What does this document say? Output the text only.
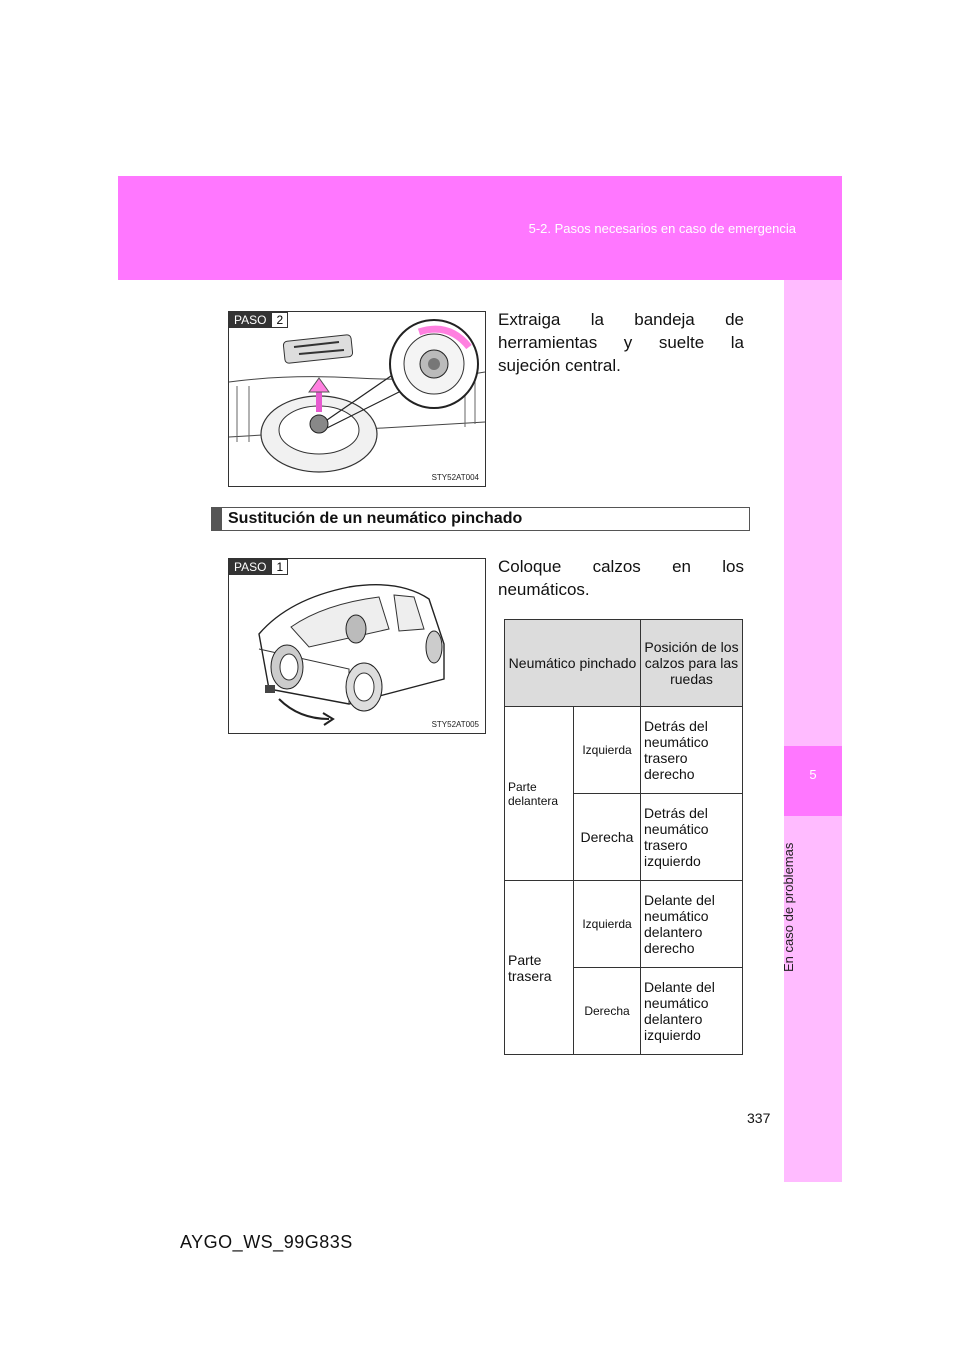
5-2. Pasos necesarios en caso de emergencia
5
En caso de problemas
PASO 2
STY52AT004
Extraiga la bandeja de herramientas y suelte la sujeción central.
Sustitución de un neumático pinchado
PASO 1
STY52AT005
Coloque calzos en los neumáticos.
Neumático pinchado		Posición de los calzos para las ruedas
Parte delantera	Izquierda	Detrás del neumático trasero derecho
	Derecha	Detrás del neumático trasero izquierdo
Parte trasera	Izquierda	Delante del neumático delantero derecho
	Derecha	Delante del neumático delantero izquierdo
337
AYGO_WS_99G83S
